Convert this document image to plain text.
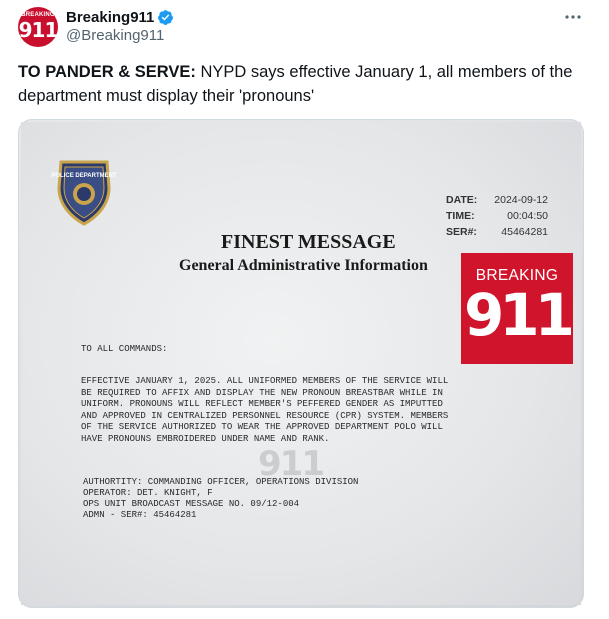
BREAKING
911
Breaking911
@Breaking911
TO PANDER & SERVE: NYPD says effective January 1, all members of the department must display their 'pronouns'
POLICE DEPARTMENT
DATE:	2024-09-12
TIME:	00:04:50
SER#:	45464281
FINEST MESSAGE
General Administrative Information
BREAKING
911
TO ALL COMMANDS:
EFFECTIVE JANUARY 1, 2025. ALL UNIFORMED MEMBERS OF THE SERVICE WILL
BE REQUIRED TO AFFIX AND DISPLAY THE NEW PRONOUN BREASTBAR WHILE IN
UNIFORM. PRONOUNS WILL REFLECT MEMBER'S PEFFERED GENDER AS IMPUTTED
AND APPROVED IN CENTRALIZED PERSONNEL RESOURCE (CPR) SYSTEM. MEMBERS
OF THE SERVICE AUTHORIZED TO WEAR THE APPROVED DEPARTMENT POLO WILL
HAVE PRONOUNS EMBROIDERED UNDER NAME AND RANK.
911
AUTHORTITY: COMMANDING OFFICER, OPERATIONS DIVISION
OPERATOR: DET. KNIGHT, F
OPS UNIT BROADCAST MESSAGE NO. 09/12-004
ADMN - SER#: 45464281
